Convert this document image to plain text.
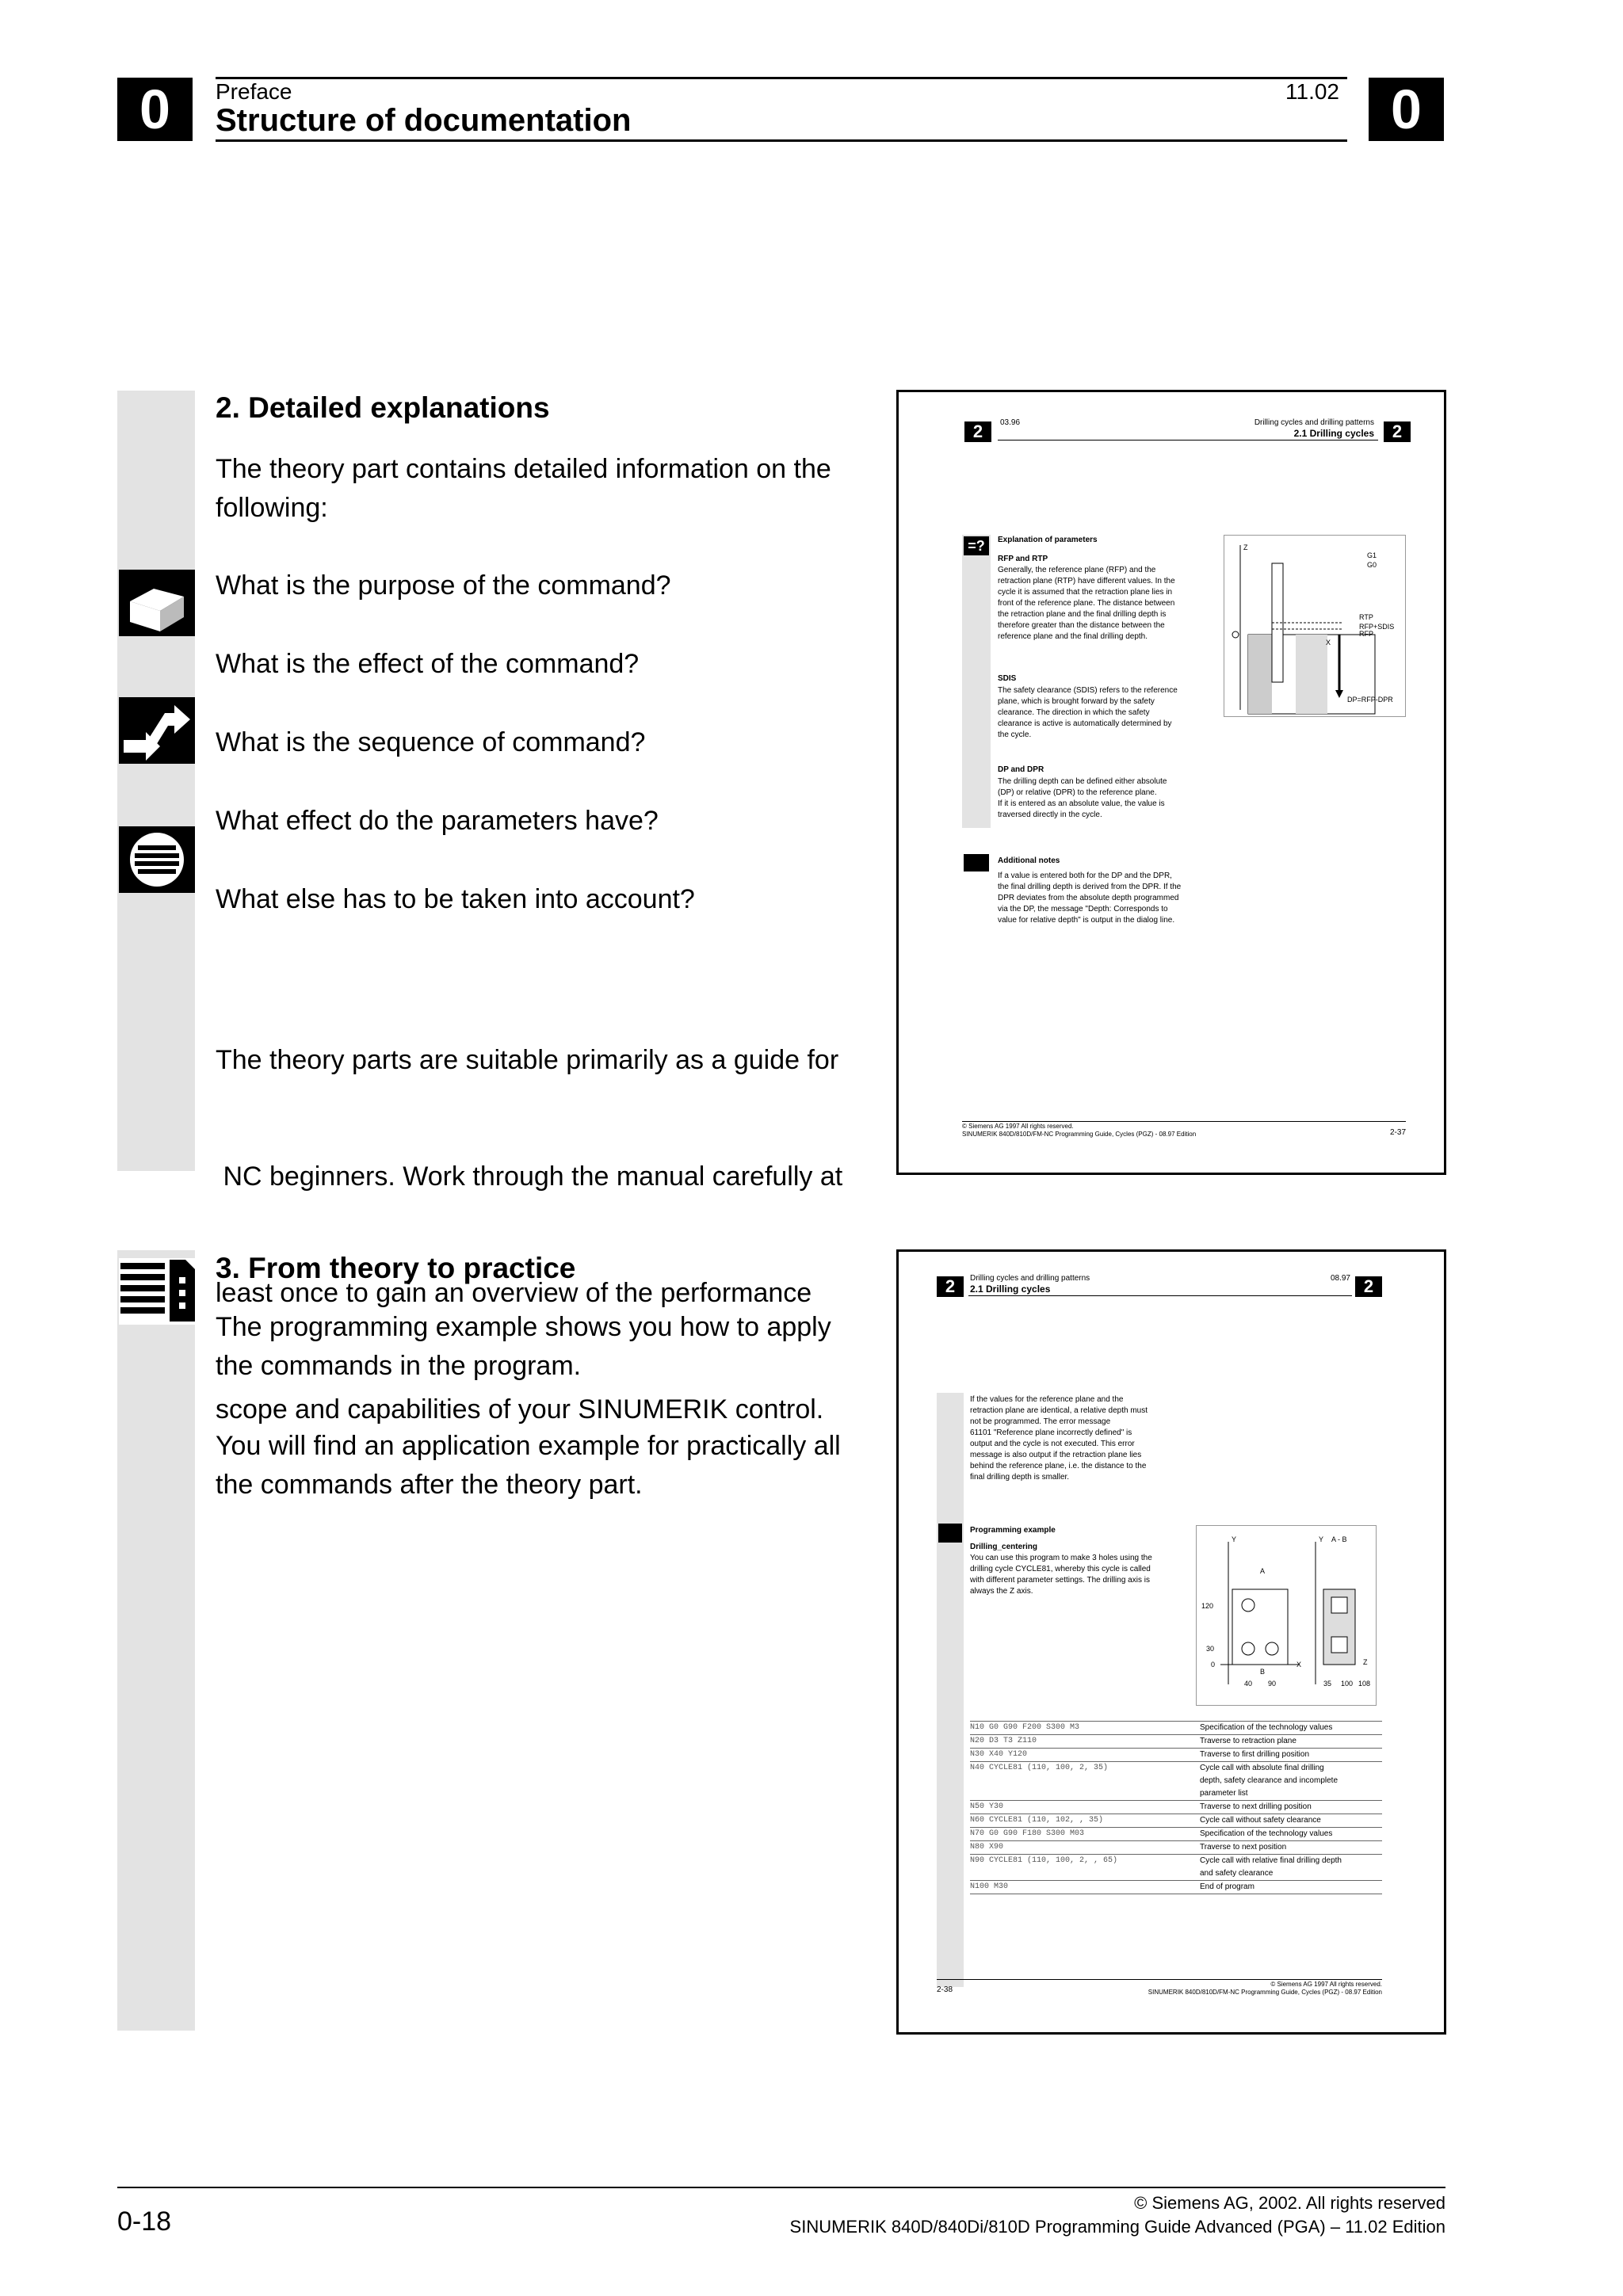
0	Preface
Structure of documentation
11.02 0
2. Detailed explanations
The theory part contains detailed information on the following:
What is the purpose of the command?
What is the effect of the command?
What is the sequence of command?
What effect do the parameters have?
What else has to be taken into account?

The theory parts are suitable primarily as a guide for

NC beginners. Work through the manual carefully at

least once to gain an overview of the performance

scope and capabilities of your SINUMERIK control.

2	03.96	Drilling cycles and drilling patterns
2.1 Drilling cycles	2
=?	Explanation of parameters
RFP and RTP
Generally, the reference plane (RFP) and the
retraction plane (RTP) have different values. In the
cycle it is assumed that the retraction plane lies in
front of the reference plane. The distance between
the retraction plane and the final drilling depth is
therefore greater than the distance between the
reference plane and the final drilling depth.
SDIS
The safety clearance (SDIS) refers to the reference
plane, which is brought forward by the safety
clearance. The direction in which the safety
clearance is active is automatically determined by
the cycle.
DP and DPR
The drilling depth can be defined either absolute
(DP) or relative (DPR) to the reference plane.
If it is entered as an absolute value, the value is
traversed directly in the cycle.
Additional notes
If a value is entered both for the DP and the DPR,
the final drilling depth is derived from the DPR. If the
DPR deviates from the absolute depth programmed
via the DP, the message "Depth: Corresponds to
value for relative depth" is output in the dialog line.
Z
G1
G0
RTP
RFP+SDIS
RFP
X
DP=RFP-DPR
© Siemens AG 1997 All rights reserved.
SINUMERIK 840D/810D/FM-NC Programming Guide, Cycles (PGZ) - 08.97 Edition	2-37
3. From theory to practice
The programming example shows you how to apply
the commands in the program.
You will find an application example for practically all
the commands after the theory part.
2	Drilling cycles and drilling patterns
2.1 Drilling cycles
08.97 2
If the values for the reference plane and the
retraction plane are identical, a relative depth must
not be programmed. The error message
61101 "Reference plane incorrectly defined" is
output and the cycle is not executed. This error
message is also output if the retraction plane lies
behind the reference plane, i.e. the distance to the
final drilling depth is smaller.
Programming example
Drilling_centering
You can use this program to make 3 holes using the
drilling cycle CYCLE81, whereby this cycle is called
with different parameter settings. The drilling axis is
always the Z axis.
Y
A
Y A - B
120
30
0
B
X
40 90	35 100 108
Z
N10 G0 G90 F200 S300 M3	Specification of the technology values
N20 D3 T3 Z110	Traverse to retraction plane
N30 X40 Y120	Traverse to first drilling position
N40 CYCLE81 (110, 100, 2, 35)	Cycle call with absolute final drilling
depth, safety clearance and incomplete
parameter list
N50 Y30	Traverse to next drilling position
N60 CYCLE81 (110, 102, , 35)	Cycle call without safety clearance
N70 G0 G90 F180 S300 M03	Specification of the technology values
N80 X90	Traverse to next position
N90 CYCLE81 (110, 100, 2, , 65)	Cycle call with relative final drilling depth
and safety clearance
N100 M30	End of program
2-38
© Siemens AG 1997 All rights reserved.
SINUMERIK 840D/810D/FM-NC Programming Guide, Cycles (PGZ) - 08.97 Edition
0-18
© Siemens AG, 2002. All rights reserved
SINUMERIK 840D/840Di/810D Programming Guide Advanced (PGA) – 11.02 Edition
